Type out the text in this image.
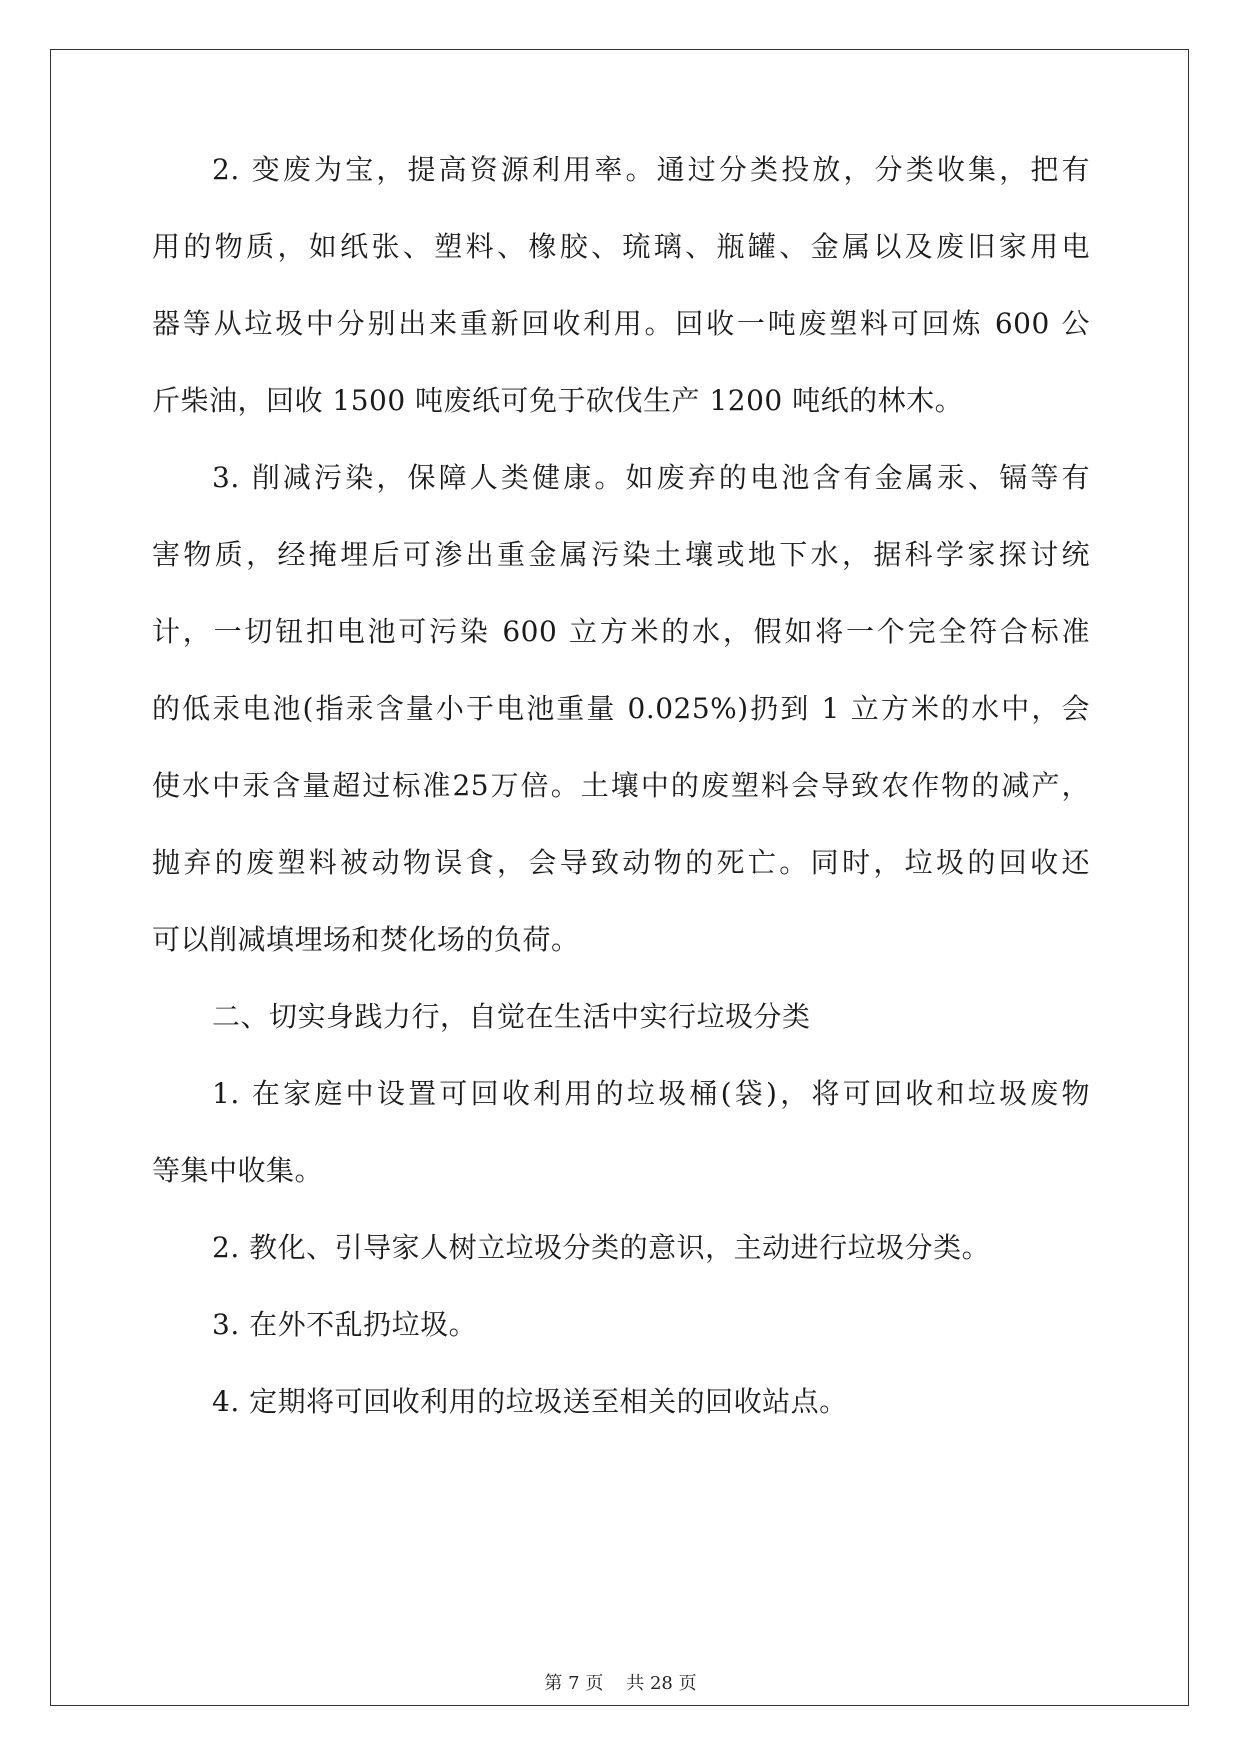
2. 变废为宝，提高资源利用率。通过分类投放，分类收集，把有
用的物质，如纸张、塑料、橡胶、琉璃、瓶罐、金属以及废旧家用电
器等从垃圾中分别出来重新回收利用。回收一吨废塑料可回炼 600 公
斤柴油，回收 1500 吨废纸可免于砍伐生产 1200 吨纸的林木。
3. 削减污染，保障人类健康。如废弃的电池含有金属汞、镉等有
害物质，经掩埋后可渗出重金属污染土壤或地下水，据科学家探讨统
计，一切钮扣电池可污染 600 立方米的水，假如将一个完全符合标准
的低汞电池(指汞含量小于电池重量 0.025%)扔到 1 立方米的水中，会
使水中汞含量超过标准25万倍。土壤中的废塑料会导致农作物的减产，
抛弃的废塑料被动物误食，会导致动物的死亡。同时，垃圾的回收还
可以削减填埋场和焚化场的负荷。
二、切实身践力行，自觉在生活中实行垃圾分类
1. 在家庭中设置可回收利用的垃圾桶(袋)，将可回收和垃圾废物
等集中收集。
2. 教化、引导家人树立垃圾分类的意识，主动进行垃圾分类。
3. 在外不乱扔垃圾。
4. 定期将可回收利用的垃圾送至相关的回收站点。
第 7 页 共 28 页
